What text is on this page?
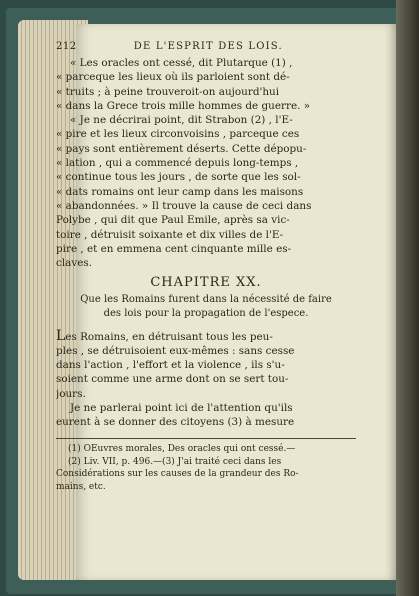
212	DE L'ESPRIT DES LOIS.
« Les oracles ont cessé, dit Plutarque (1) ,
« parceque les lieux où ils parloient sont dé-
« truits ; à peine trouveroit-on aujourd'hui
« dans la Grece trois mille hommes de guerre. »
« Je ne décrirai point, dit Strabon (2) , l'E-
« pire et les lieux circonvoisins , parceque ces
« pays sont entièrement déserts. Cette dépopu-
« lation , qui a commencé depuis long-temps ,
« continue tous les jours , de sorte que les sol-
« dats romains ont leur camp dans les maisons
« abandonnées. » Il trouve la cause de ceci dans
Polybe , qui dit que Paul Emile, après sa vic-
toire , détruisit soixante et dix villes de l'E-
pire , et en emmena cent cinquante mille es-
claves.
CHAPITRE XX.
Que les Romains furent dans la nécessité de faire
des lois pour la propagation de l'espece.
Les Romains, en détruisant tous les peu-
ples , se détruisoient eux-mêmes : sans cesse
dans l'action , l'effort et la violence , ils s'u-
soient comme une arme dont on se sert tou-
jours.
Je ne parlerai point ici de l'attention qu'ils
eurent à se donner des citoyens (3) à mesure
(1) OEuvres morales, Des oracles qui ont cessé.—
(2) Liv. VII, p. 496.—(3) J'ai traité ceci dans les
Considérations sur les causes de la grandeur des Ro-
mains, etc.
